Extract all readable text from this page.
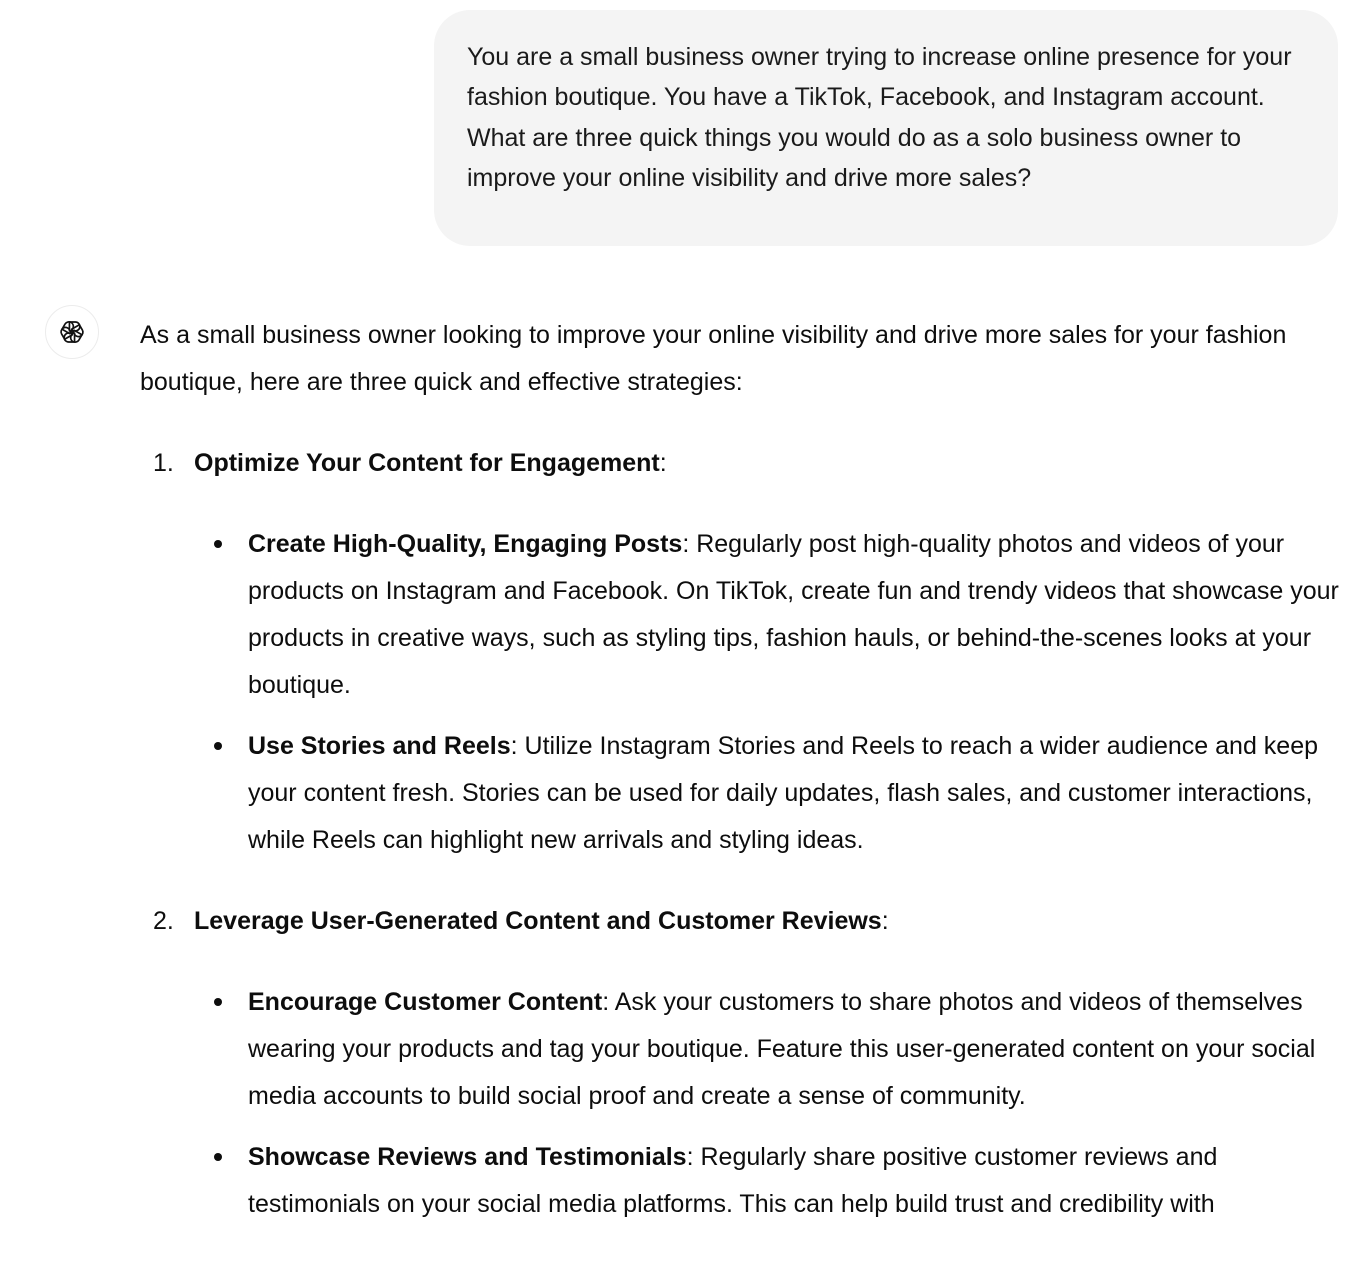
You are a small business owner trying to increase online presence for your fashion boutique. You have a TikTok, Facebook, and Instagram account. What are three quick things you would do as a solo business owner to improve your online visibility and drive more sales?

As a small business owner looking to improve your online visibility and drive more sales for your fashion boutique, here are three quick and effective strategies:

1. Optimize Your Content for Engagement:

Create High-Quality, Engaging Posts: Regularly post high-quality photos and videos of your products on Instagram and Facebook. On TikTok, create fun and trendy videos that showcase your products in creative ways, such as styling tips, fashion hauls, or behind-the-scenes looks at your boutique.
Use Stories and Reels: Utilize Instagram Stories and Reels to reach a wider audience and keep your content fresh. Stories can be used for daily updates, flash sales, and customer interactions, while Reels can highlight new arrivals and styling ideas.
2. Leverage User-Generated Content and Customer Reviews:

Encourage Customer Content: Ask your customers to share photos and videos of themselves wearing your products and tag your boutique. Feature this user-generated content on your social media accounts to build social proof and create a sense of community.
Showcase Reviews and Testimonials: Regularly share positive customer reviews and testimonials on your social media platforms. This can help build trust and credibility with
